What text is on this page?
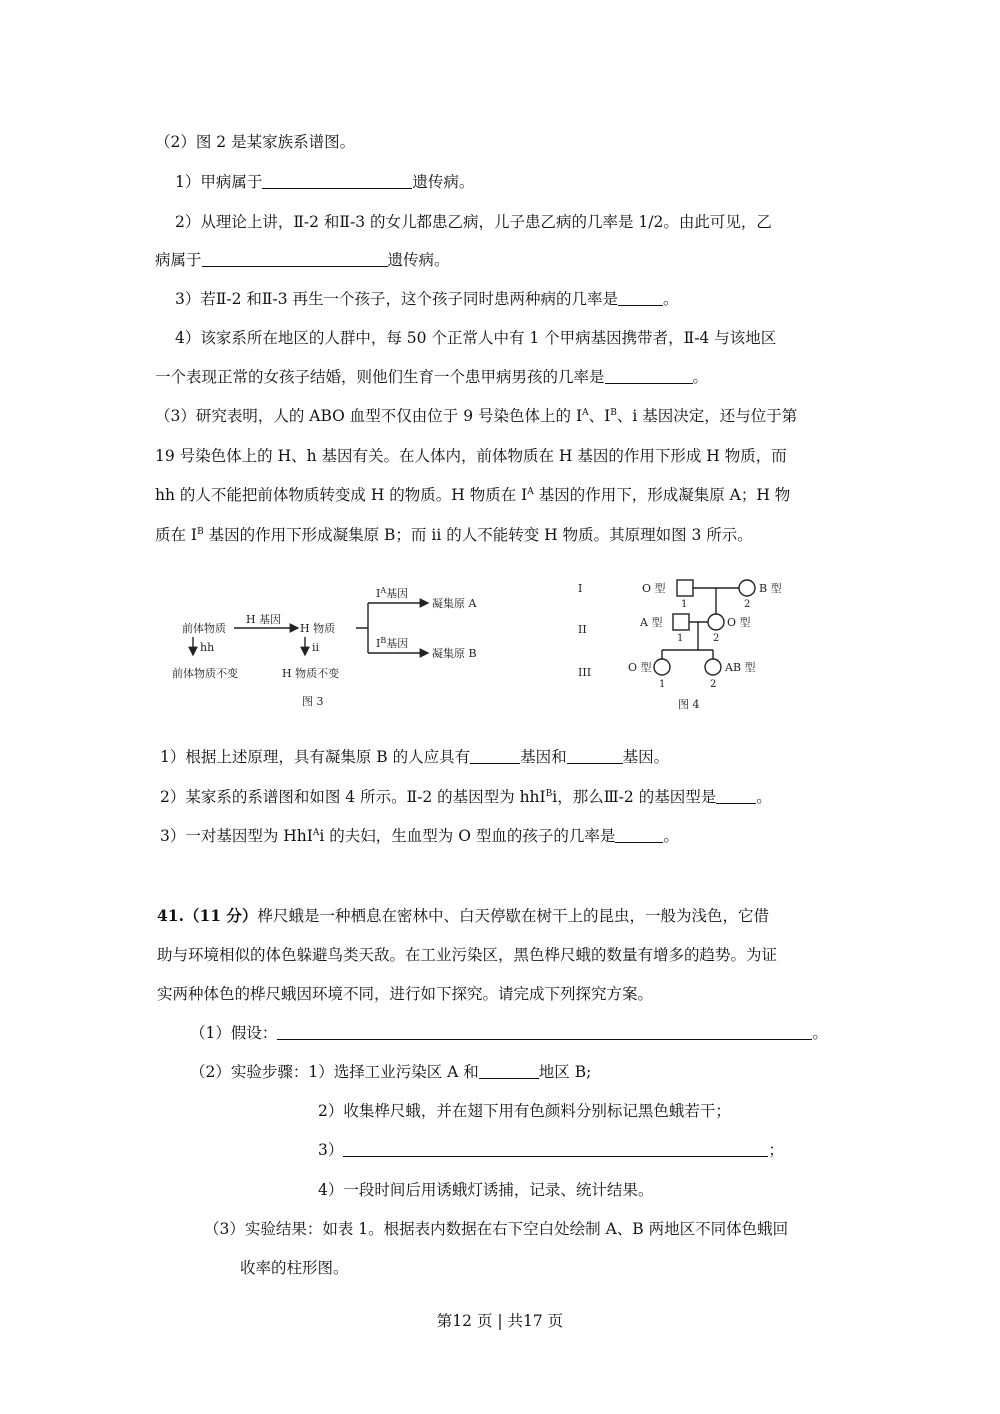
（2）图 2 是某家族系谱图。
1）甲病属于	遗传病。
2）从理论上讲，Ⅱ-2 和Ⅱ-3 的女儿都患乙病，儿子患乙病的几率是 1/2。由此可见，乙
病属于	遗传病。
3）若Ⅱ-2 和Ⅱ-3 再生一个孩子，这个孩子同时患两种病的几率是	。
4）该家系所在地区的人群中，每 50 个正常人中有 1 个甲病基因携带者，Ⅱ-4 与该地区
一个表现正常的女孩子结婚，则他们生育一个患甲病男孩的几率是	。
（3）研究表明，人的 ABO 血型不仅由位于 9 号染色体上的 $I^A$、$I^B$、i 基因决定，还与位于第
19 号染色体上的 H、h 基因有关。在人体内，前体物质在 H 基因的作用下形成 H 物质，而
hh 的人不能把前体物质转变成 H 的物质。H 物质在 $I^A$ 基因的作用下，形成凝集原 A；H 物
质在 $I^B$ 基因的作用下形成凝集原 B；而 ii 的人不能转变 H 物质。其原理如图 3 所示。
前体物质
H 基因
H 物质
hh
前体物质不变
ii
H 物质不变
$I^A$基因
$I^B$基因
凝集原 A
凝集原 B
图 3
I
II
III
O 型	B 型
A 型	O 型
O 型	AB 型
1	2
1	2
1	2
图 4
1）根据上述原理，具有凝集原 B 的人应具有	基因和	基因。
2）某家系的系谱图和如图 4 所示。Ⅱ-2 的基因型为 hhI$^B$i，那么Ⅲ-2 的基因型是	。
3）一对基因型为 HhI$^A$i 的夫妇，生血型为 O 型血的孩子的几率是	。
41.（11 分）桦尺蛾是一种栖息在密林中、白天停歇在树干上的昆虫，一般为浅色，它借
助与环境相似的体色躲避鸟类天敌。在工业污染区，黑色桦尺蛾的数量有增多的趋势。为证
实两种体色的桦尺蛾因环境不同，进行如下探究。请完成下列探究方案。
（1）假设：	。
（2）实验步骤：1）选择工业污染区 A 和	地区 B;
2）收集桦尺蛾，并在翅下用有色颜料分别标记黑色蛾若干；
3）	；
4）一段时间后用诱蛾灯诱捕，记录、统计结果。
（3）实验结果：如表 1。根据表内数据在右下空白处绘制 A、B 两地区不同体色蛾回
收率的柱形图。
第12 页 | 共17 页
